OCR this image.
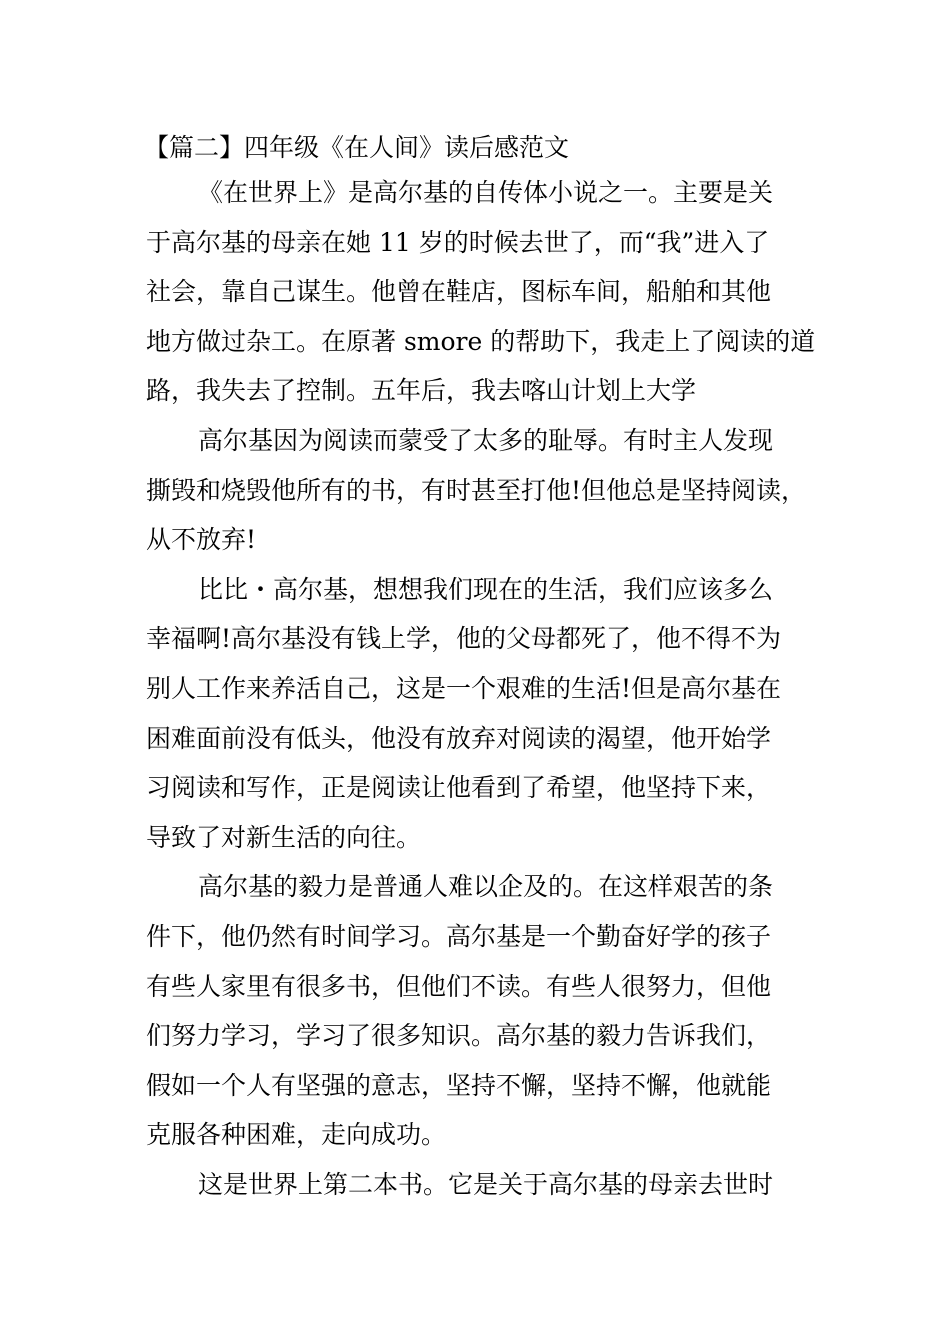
【篇二】四年级《在人间》读后感范文
《在世界上》是高尔基的自传体小说之一。主要是关
于高尔基的母亲在她 11 岁的时候去世了，而“我”进入了
社会，靠自己谋生。他曾在鞋店，图标车间，船舶和其他
地方做过杂工。在原著 smore 的帮助下，我走上了阅读的道
路，我失去了控制。五年后，我去喀山计划上大学
高尔基因为阅读而蒙受了太多的耻辱。有时主人发现
撕毁和烧毁他所有的书，有时甚至打他!但他总是坚持阅读，
从不放弃!
比比・高尔基，想想我们现在的生活，我们应该多么
幸福啊!高尔基没有钱上学，他的父母都死了，他不得不为
别人工作来养活自己，这是一个艰难的生活!但是高尔基在
困难面前没有低头，他没有放弃对阅读的渴望，他开始学
习阅读和写作，正是阅读让他看到了希望，他坚持下来，
导致了对新生活的向往。
高尔基的毅力是普通人难以企及的。在这样艰苦的条
件下，他仍然有时间学习。高尔基是一个勤奋好学的孩子
有些人家里有很多书，但他们不读。有些人很努力，但他
们努力学习，学习了很多知识。高尔基的毅力告诉我们，
假如一个人有坚强的意志，坚持不懈，坚持不懈，他就能
克服各种困难，走向成功。
这是世界上第二本书。它是关于高尔基的母亲去世时
